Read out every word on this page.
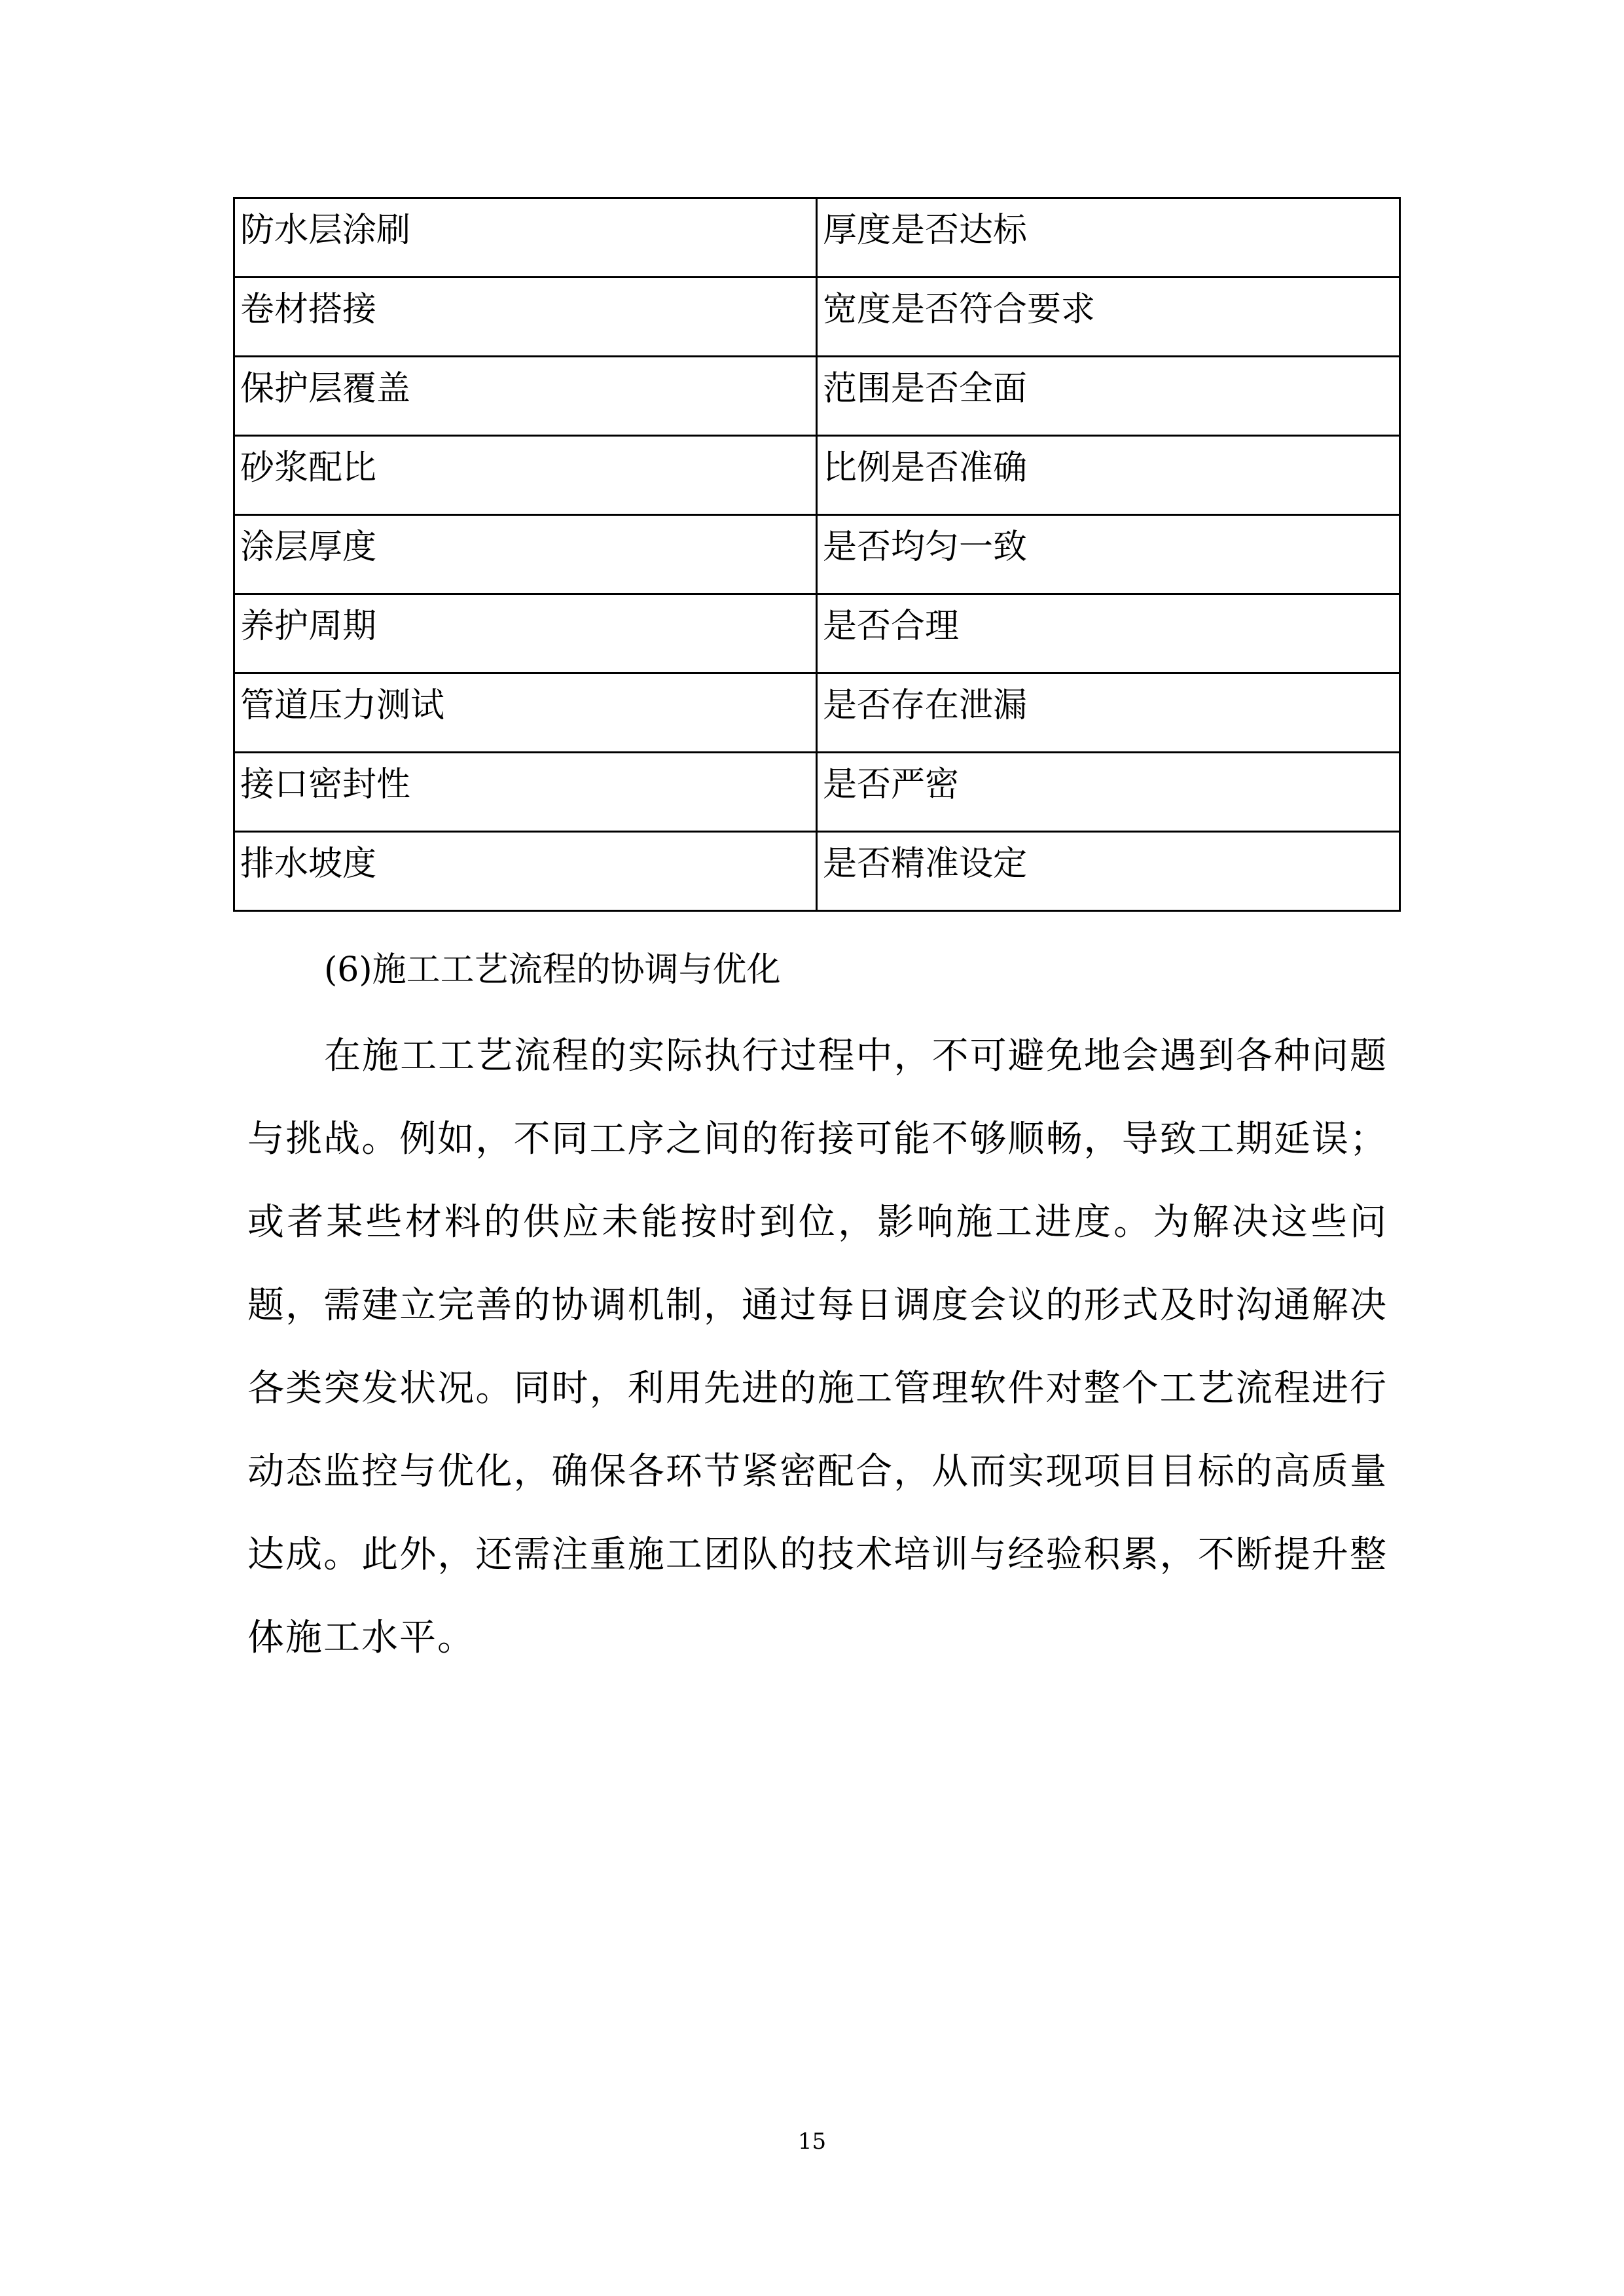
防水层涂刷	厚度是否达标
卷材搭接	宽度是否符合要求
保护层覆盖	范围是否全面
砂浆配比	比例是否准确
涂层厚度	是否均匀一致
养护周期	是否合理
管道压力测试	是否存在泄漏
接口密封性	是否严密
排水坡度	是否精准设定
(6)施工工艺流程的协调与优化

在施工工艺流程的实际执行过程中，不可避免地会遇到各种问题与挑战。例如，不同工序之间的衔接可能不够顺畅，导致工期延误；或者某些材料的供应未能按时到位，影响施工进度。为解决这些问题，需建立完善的协调机制，通过每日调度会议的形式及时沟通解决各类突发状况。同时，利用先进的施工管理软件对整个工艺流程进行动态监控与优化，确保各环节紧密配合，从而实现项目目标的高质量达成。此外，还需注重施工团队的技术培训与经验积累，不断提升整体施工水平。

15
